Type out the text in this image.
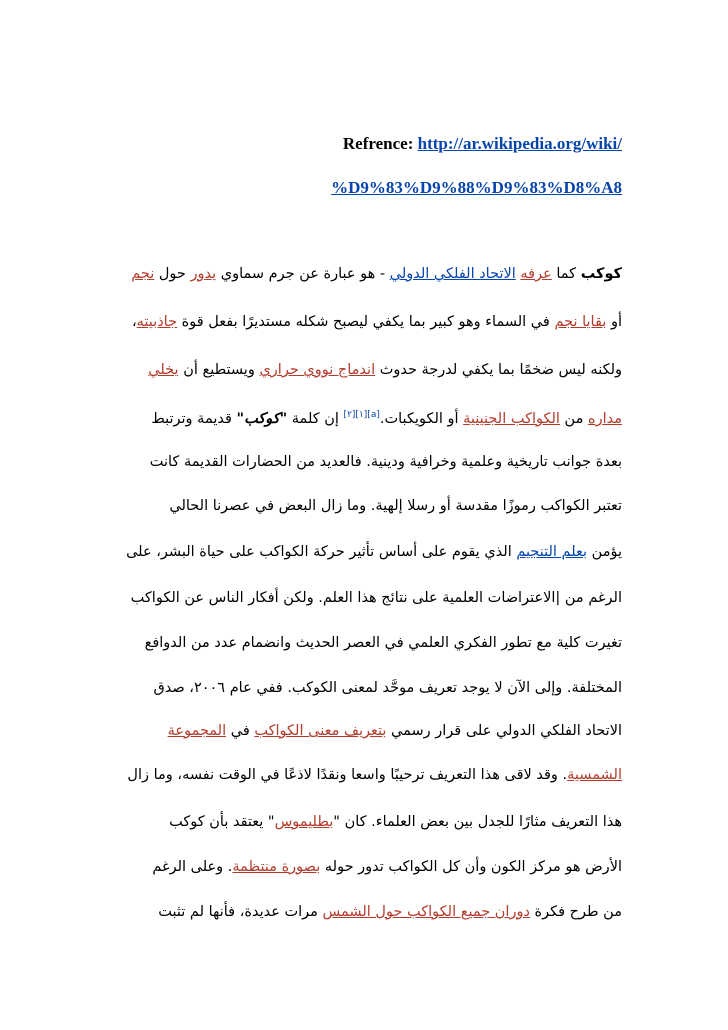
Refrence: http://ar.wikipedia.org/wiki/
%D9%83%D9%88%D9%83%D8%A8
كوكب كما عرفه الاتحاد الفلكي الدولي - هو عبارة عن جرم سماوي يدور حول نجم
أو بقايا نجم في السماء وهو كبير بما يكفي ليصبح شكله مستديرًا بفعل قوة جاذبيته،
ولكنه ليس ضخمًا بما يكفي لدرجة حدوث اندماج نووي حراري ويستطيع أن يخلي
مداره من الكواكب الجنينية أو الكويكبات.[a][١][٢] إن كلمة "كوكب" قديمة وترتبط
بعدة جوانب تاريخية وعلمية وخرافية ودينية. فالعديد من الحضارات القديمة كانت
تعتبر الكواكب رموزًا مقدسة أو رسلا إلهية. وما زال البعض في عصرنا الحالي
يؤمن بعلم التنجيم الذي يقوم على أساس تأثير حركة الكواكب على حياة البشر، على
الرغم من |الاعتراضات العلمية على نتائج هذا العلم. ولكن أفكار الناس عن الكواكب
تغيرت كلية مع تطور الفكري العلمي في العصر الحديث وانضمام عدد من الدوافع
المختلفة. وإلى الآن لا يوجد تعريف موحَّد لمعنى الكوكب. ففي عام ٢٠٠٦، صدق
الاتحاد الفلكي الدولي على قرار رسمي بتعريف معنى الكواكب في المجموعة
الشمسية. وقد لاقى هذا التعريف ترحيبًا واسعا ونقدًا لاذعًا في الوقت نفسه، وما زال
هذا التعريف مثارًا للجدل بين بعض العلماء. كان "بطليموس" يعتقد بأن كوكب
الأرض هو مركز الكون وأن كل الكواكب تدور حوله بصورة منتظمة. وعلى الرغم
من طرح فكرة دوران جميع الكواكب حول الشمس مرات عديدة، فأنها لم تثبت
